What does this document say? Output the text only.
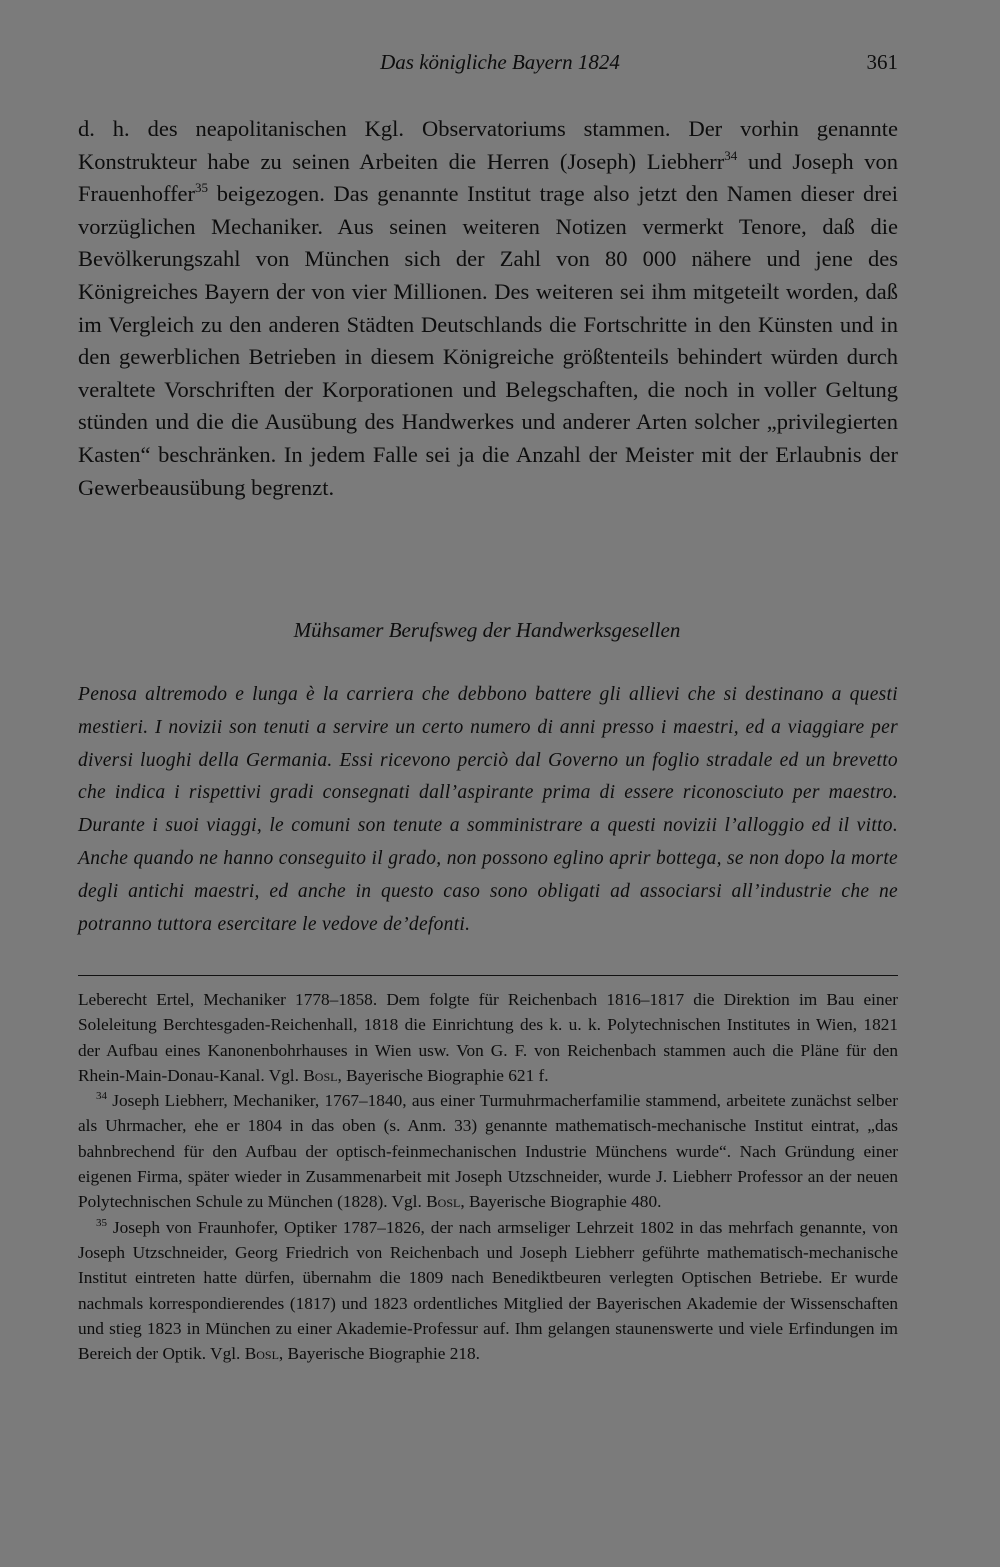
Das königliche Bayern 1824	361

d. h. des neapolitanischen Kgl. Observatoriums stammen. Der vorhin genannte Konstrukteur habe zu seinen Arbeiten die Herren (Joseph) Liebherr$^{34}$ und Joseph von Frauenhoffer$^{35}$ beigezogen. Das genannte Institut trage also jetzt den Namen dieser drei vorzüglichen Mechaniker. Aus seinen weiteren Notizen vermerkt Tenore, daß die Bevölkerungszahl von München sich der Zahl von 80 000 nähere und jene des Königreiches Bayern der von vier Millionen. Des weiteren sei ihm mitgeteilt worden, daß im Vergleich zu den anderen Städten Deutschlands die Fortschritte in den Künsten und in den gewerblichen Betrieben in diesem Königreiche größtenteils behindert würden durch veraltete Vorschriften der Korporationen und Belegschaften, die noch in voller Geltung stünden und die die Ausübung des Handwerkes und anderer Arten solcher „privilegierten Kasten“ beschränken. In jedem Falle sei ja die Anzahl der Meister mit der Erlaubnis der Gewerbeausübung begrenzt.

Mühsamer Berufsweg der Handwerksgesellen

Penosa altremodo e lunga è la carriera che debbono battere gli allievi che si destinano a questi mestieri. I novizii son tenuti a servire un certo numero di anni presso i maestri, ed a viaggiare per diversi luoghi della Germania. Essi ricevono perciò dal Governo un foglio stradale ed un brevetto che indica i rispettivi gradi consegnati dall’aspirante prima di essere riconosciuto per maestro. Durante i suoi viaggi, le comuni son tenute a somministrare a questi novizii l’alloggio ed il vitto. Anche quando ne hanno conseguito il grado, non possono eglino aprir bottega, se non dopo la morte degli antichi maestri, ed anche in questo caso sono obligati ad associarsi all’industrie che ne potranno tuttora esercitare le vedove de’defonti.

Leberecht Ertel, Mechaniker 1778–1858. Dem folgte für Reichenbach 1816–1817 die Direktion im Bau einer Soleleitung Berchtesgaden-Reichenhall, 1818 die Einrichtung des k. u. k. Polytechnischen Institutes in Wien, 1821 der Aufbau eines Kanonenbohrhauses in Wien usw. Von G. F. von Reichenbach stammen auch die Pläne für den Rhein-Main-Donau-Kanal. Vgl. Bosl, Bayerische Biographie 621 f.

$^{34}$ Joseph Liebherr, Mechaniker, 1767–1840, aus einer Turmuhrmacherfamilie stammend, arbeitete zunächst selber als Uhrmacher, ehe er 1804 in das oben (s. Anm. 33) genannte mathematisch-mechanische Institut eintrat, „das bahnbrechend für den Aufbau der optisch-feinmechanischen Industrie Münchens wurde“. Nach Gründung einer eigenen Firma, später wieder in Zusammenarbeit mit Joseph Utzschneider, wurde J. Liebherr Professor an der neuen Polytechnischen Schule zu München (1828). Vgl. Bosl, Bayerische Biographie 480.

$^{35}$ Joseph von Fraunhofer, Optiker 1787–1826, der nach armseliger Lehrzeit 1802 in das mehrfach genannte, von Joseph Utzschneider, Georg Friedrich von Reichenbach und Joseph Liebherr geführte mathematisch-mechanische Institut eintreten hatte dürfen, übernahm die 1809 nach Benediktbeuren verlegten Optischen Betriebe. Er wurde nachmals korrespondierendes (1817) und 1823 ordentliches Mitglied der Bayerischen Akademie der Wissenschaften und stieg 1823 in München zu einer Akademie-Professur auf. Ihm gelangen staunenswerte und viele Erfindungen im Bereich der Optik. Vgl. Bosl, Bayerische Biographie 218.
